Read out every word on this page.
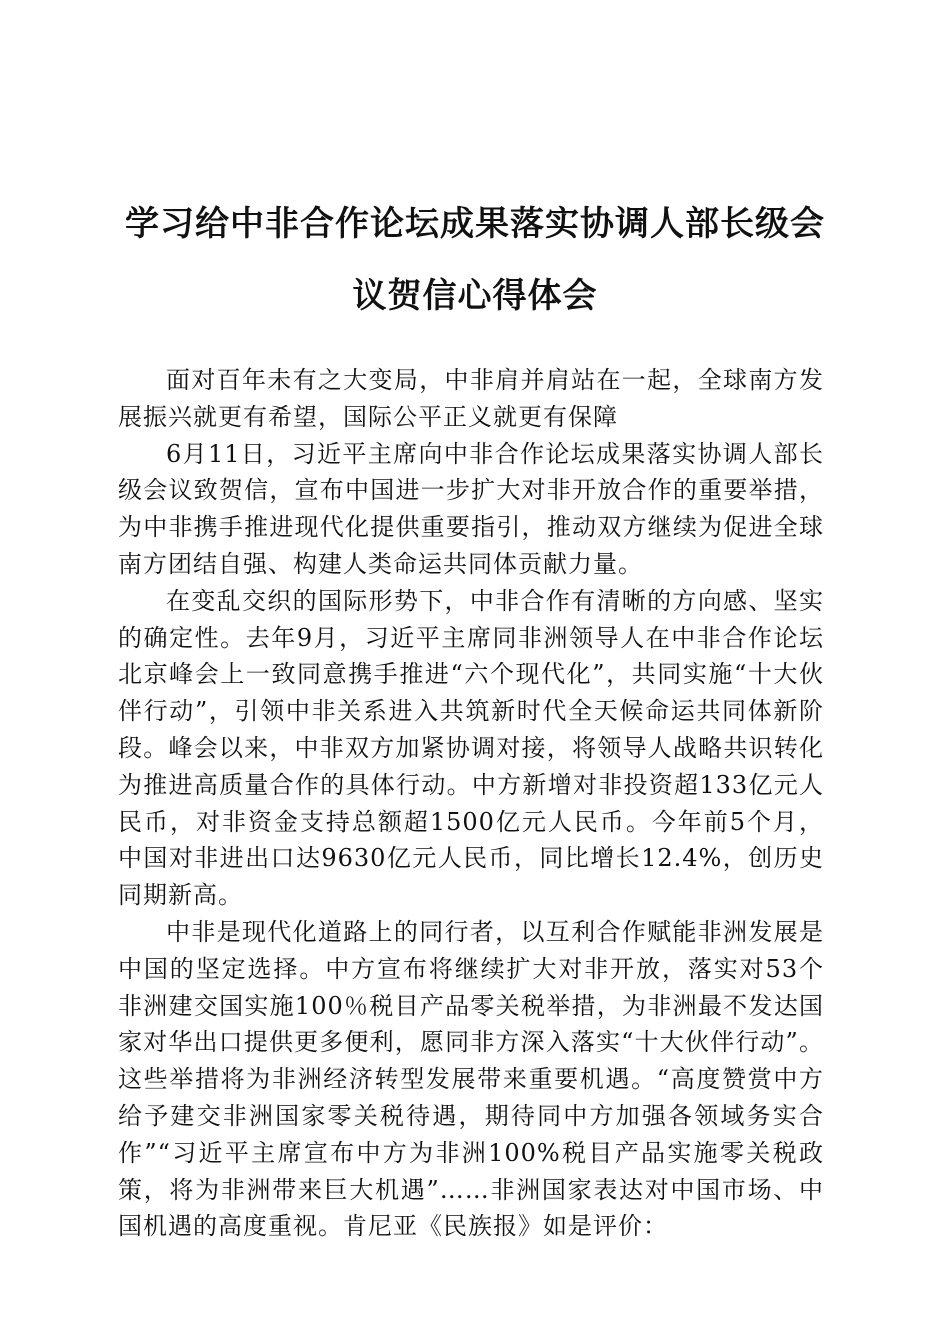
学习给中非合作论坛成果落实协调人部长级会
议贺信心得体会

面对百年未有之大变局，中非肩并肩站在一起，全球南方发展振兴就更有希望，国际公平正义就更有保障

6月11日，习近平主席向中非合作论坛成果落实协调人部长级会议致贺信，宣布中国进一步扩大对非开放合作的重要举措，为中非携手推进现代化提供重要指引，推动双方继续为促进全球南方团结自强、构建人类命运共同体贡献力量。

在变乱交织的国际形势下，中非合作有清晰的方向感、坚实的确定性。去年9月，习近平主席同非洲领导人在中非合作论坛北京峰会上一致同意携手推进“六个现代化”，共同实施“十大伙伴行动”，引领中非关系进入共筑新时代全天候命运共同体新阶段。峰会以来，中非双方加紧协调对接，将领导人战略共识转化为推进高质量合作的具体行动。中方新增对非投资超133亿元人民币，对非资金支持总额超1500亿元人民币。今年前5个月，中国对非进出口达9630亿元人民币，同比增长12.4%，创历史同期新高。

中非是现代化道路上的同行者，以互利合作赋能非洲发展是中国的坚定选择。中方宣布将继续扩大对非开放，落实对53个非洲建交国实施100％税目产品零关税举措，为非洲最不发达国家对华出口提供更多便利，愿同非方深入落实“十大伙伴行动”。这些举措将为非洲经济转型发展带来重要机遇。“高度赞赏中方给予建交非洲国家零关税待遇，期待同中方加强各领域务实合作”“习近平主席宣布中方为非洲100%税目产品实施零关税政策，将为非洲带来巨大机遇”……非洲国家表达对中国市场、中国机遇的高度重视。肯尼亚《民族报》如是评价：
